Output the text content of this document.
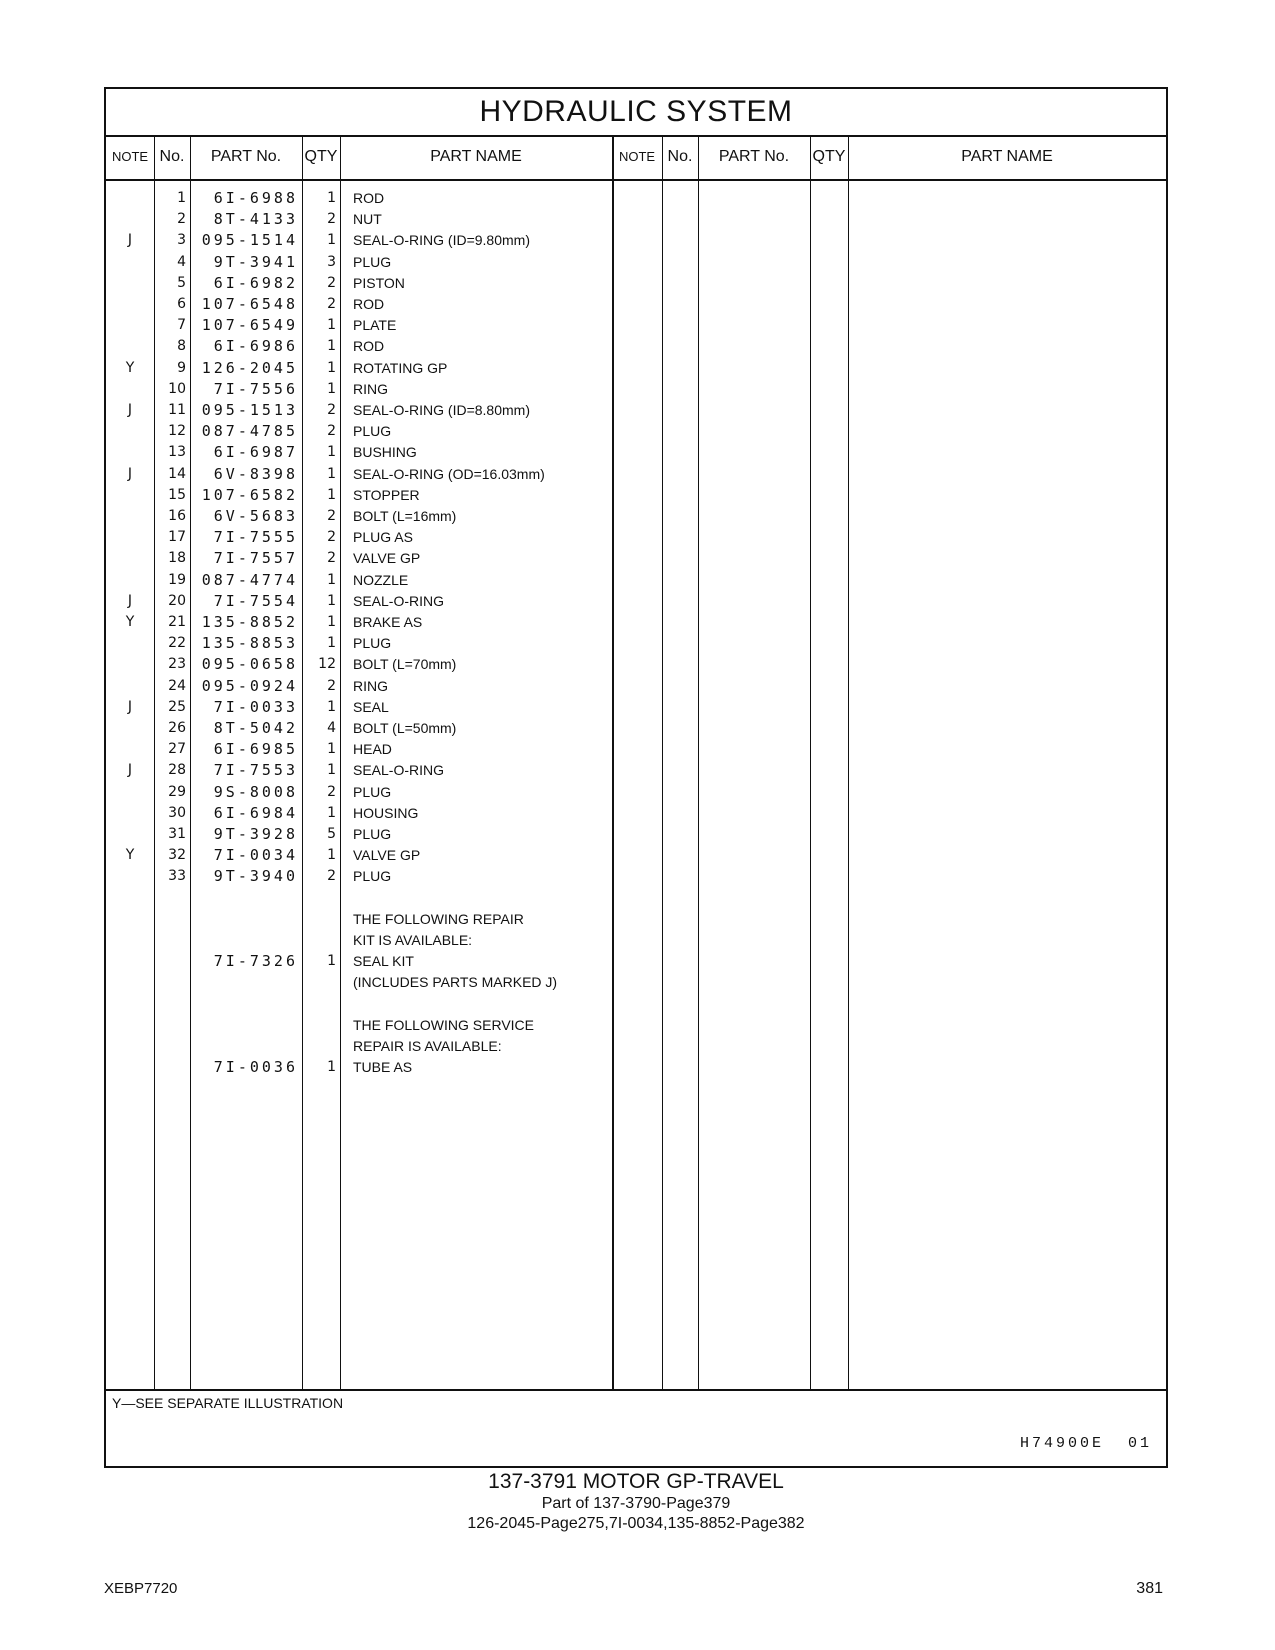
HYDRAULIC SYSTEM
NOTE No.	PART No.	QTY	PART NAME	NOTE No.	PART No.	QTY	PART NAME
1	6I-6988	1 ROD
2	8T-4133	2 NUT
J	3	095-1514	1 SEAL-O-RING (ID=9.80mm)
4	9T-3941	3 PLUG
5	6I-6982	2 PISTON
6	107-6548	2 ROD
7	107-6549	1 PLATE
8	6I-6986	1 ROD
Y	9	126-2045	1 ROTATING GP
10	7I-7556	1 RING
J	11	095-1513	2 SEAL-O-RING (ID=8.80mm)
12	087-4785	2 PLUG
13	6I-6987	1 BUSHING
J	14	6V-8398	1 SEAL-O-RING (OD=16.03mm)
15	107-6582	1 STOPPER
16	6V-5683	2 BOLT (L=16mm)
17	7I-7555	2 PLUG AS
18	7I-7557	2 VALVE GP
19	087-4774	1 NOZZLE
J	20	7I-7554	1 SEAL-O-RING
Y	21	135-8852	1 BRAKE AS
22	135-8853	1 PLUG
23	095-0658	12 BOLT (L=70mm)
24	095-0924	2 RING
J	25	7I-0033	1 SEAL
26	8T-5042	4 BOLT (L=50mm)
27	6I-6985	1 HEAD
J	28	7I-7553	1 SEAL-O-RING
29	9S-8008	2 PLUG
30	6I-6984	1 HOUSING
31	9T-3928	5 PLUG
Y	32	7I-0034	1 VALVE GP
33	9T-3940	2 PLUG
THE FOLLOWING REPAIR
KIT IS AVAILABLE:
7I-7326	1 SEAL KIT
(INCLUDES PARTS MARKED J)
THE FOLLOWING SERVICE
REPAIR IS AVAILABLE:
7I-0036	1 TUBE AS
Y—SEE SEPARATE ILLUSTRATION
H74900E 01
137-3791 MOTOR GP-TRAVEL
Part of 137-3790-Page379
126-2045-Page275,7I-0034,135-8852-Page382
XEBP7720	381
